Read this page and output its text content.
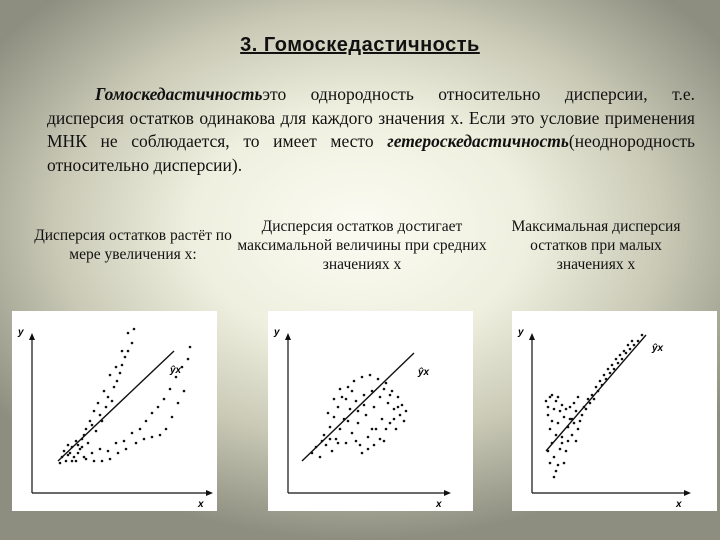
3. Гомоскедастичность
Гомоскедастичностьэто однородность относительно дисперсии, т.е. дисперсия остатков одинакова для каждого значения x. Если это условие применения МНК не соблюдается, то имеет место гетероскедастичность(неоднородность относительно дисперсии).
Дисперсия остатков растёт по мере увеличения x:
Дисперсия остатков достигает максимальной величины при средних значениях x
Максимальная дисперсия остатков при малых значениях x
y
x
ŷx
y
x
ŷx
y
x
ŷx
